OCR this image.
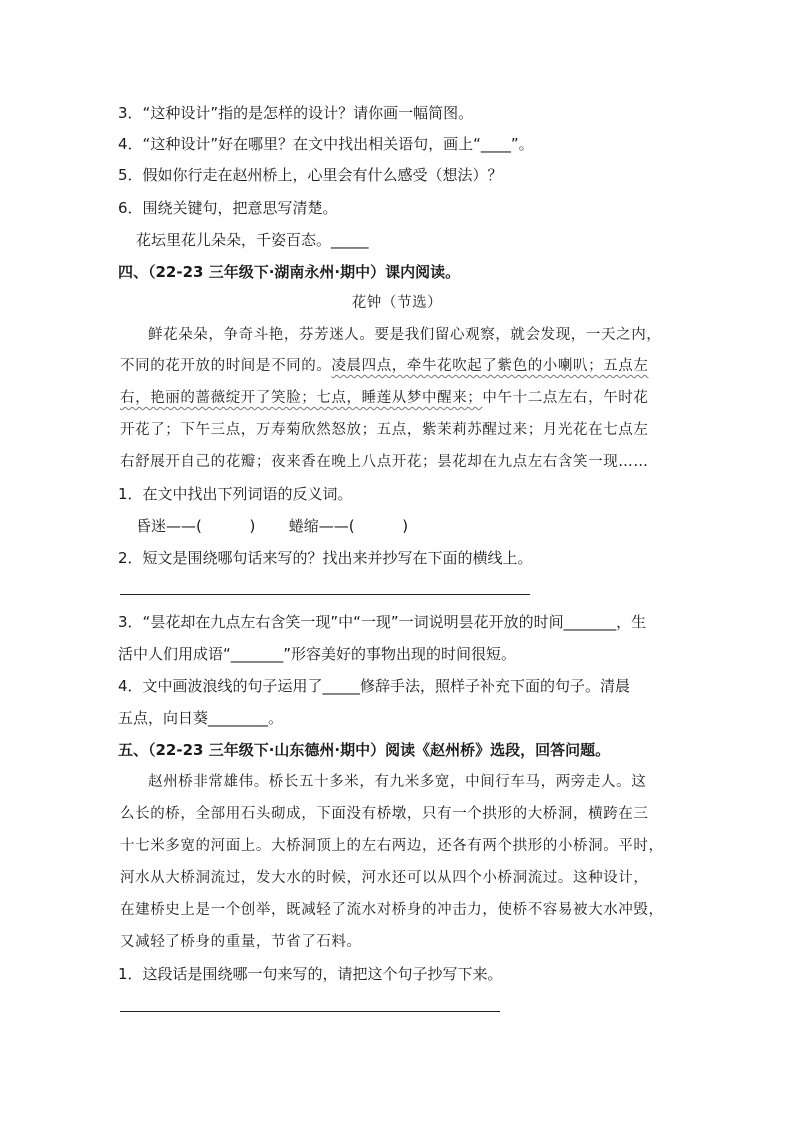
3．“这种设计”指的是怎样的设计？请你画一幅简图。
4．“这种设计”好在哪里？在文中找出相关语句，画上“____”。
5．假如你行走在赵州桥上，心里会有什么感受（想法）？
6．围绕关键句，把意思写清楚。
花坛里花儿朵朵，千姿百态。_____
四、（22-23 三年级下·湖南永州·期中）课内阅读。
花钟（节选）
鲜花朵朵，争奇斗艳，芬芳迷人。要是我们留心观察，就会发现，一天之内，
不同的花开放的时间是不同的。凌晨四点，牵牛花吹起了紫色的小喇叭；五点左
右，艳丽的蔷薇绽开了笑脸；七点，睡莲从梦中醒来；中午十二点左右，午时花
开花了；下午三点，万寿菊欣然怒放；五点，紫茉莉苏醒过来；月光花在七点左
右舒展开自己的花瓣；夜来香在晚上八点开花；昙花却在九点左右含笑一现……
1．在文中找出下列词语的反义词。
昏迷——(          )       蜷缩——(          )
2．短文是围绕哪句话来写的？找出来并抄写在下面的横线上。
3．“昙花却在九点左右含笑一现”中“一现”一词说明昙花开放的时间_______，生
活中人们用成语“_______”形容美好的事物出现的时间很短。
4．文中画波浪线的句子运用了_____修辞手法，照样子补充下面的句子。清晨
五点，向日葵________。
五、（22-23 三年级下·山东德州·期中）阅读《赵州桥》选段，回答问题。
赵州桥非常雄伟。桥长五十多米，有九米多宽，中间行车马，两旁走人。这
么长的桥，全部用石头砌成，下面没有桥墩，只有一个拱形的大桥洞，横跨在三
十七米多宽的河面上。大桥洞顶上的左右两边，还各有两个拱形的小桥洞。平时，
河水从大桥洞流过，发大水的时候，河水还可以从四个小桥洞流过。这种设计，
在建桥史上是一个创举，既减轻了流水对桥身的冲击力，使桥不容易被大水冲毁，
又减轻了桥身的重量，节省了石料。
1．这段话是围绕哪一句来写的，请把这个句子抄写下来。
